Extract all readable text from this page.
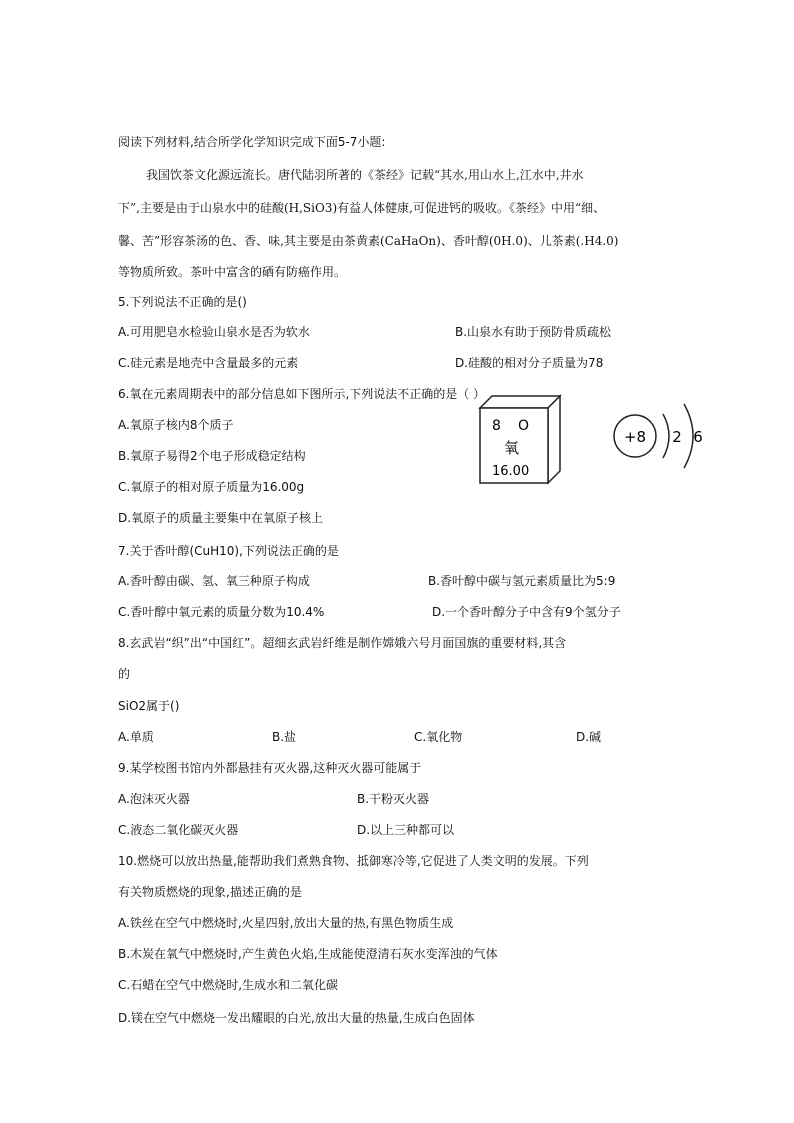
阅读下列材料,结合所学化学知识完成下面5-7小题:
我国饮茶文化源远流长。唐代陆羽所著的《茶经》记载“其水,用山水上,江水中,井水
下”,主要是由于山泉水中的硅酸(H,SiO3)有益人体健康,可促进钙的吸收。《茶经》中用“细、
馨、苦”形容茶汤的色、香、味,其主要是由茶黄素(CaHaOn)、香叶醇(0H.0)、儿茶素(.H4.0)
等物质所致。茶叶中富含的硒有防癌作用。
5.下列说法不正确的是()
A.可用肥皂水检验山泉水是否为软水	B.山泉水有助于预防骨质疏松
C.硅元素是地壳中含量最多的元素	D.硅酸的相对分子质量为78
6.氧在元素周期表中的部分信息如下图所示,下列说法不正确的是（ ）
A.氧原子核内8个质子
B.氧原子易得2个电子形成稳定结构
C.氧原子的相对原子质量为16.00g
D.氧原子的质量主要集中在氧原子核上
8 O
氧
16.00
+8 2 6
7.关于香叶醇(CuH10),下列说法正确的是
A.香叶醇由碳、氢、氧三种原子构成	B.香叶醇中碳与氢元素质量比为5:9
C.香叶醇中氧元素的质量分数为10.4%	D.一个香叶醇分子中含有9个氢分子
8.玄武岩“织”出“中国红”。超细玄武岩纤维是制作嫦娥六号月面国旗的重要材料,其含
的
SiO2属于()
A.单质	B.盐	C.氧化物	D.碱
9.某学校图书馆内外都悬挂有灭火器,这种灭火器可能属于
A.泡沫灭火器	B.干粉灭火器
C.液态二氧化碳灭火器	D.以上三种都可以
10.燃烧可以放出热量,能帮助我们煮熟食物、抵御寒冷等,它促进了人类文明的发展。下列
有关物质燃烧的现象,描述正确的是
A.铁丝在空气中燃烧时,火星四射,放出大量的热,有黑色物质生成
B.木炭在氧气中燃烧时,产生黄色火焰,生成能使澄清石灰水变浑浊的气体
C.石蜡在空气中燃烧时,生成水和二氧化碳
D.镁在空气中燃烧一发出耀眼的白光,放出大量的热量,生成白色固体
